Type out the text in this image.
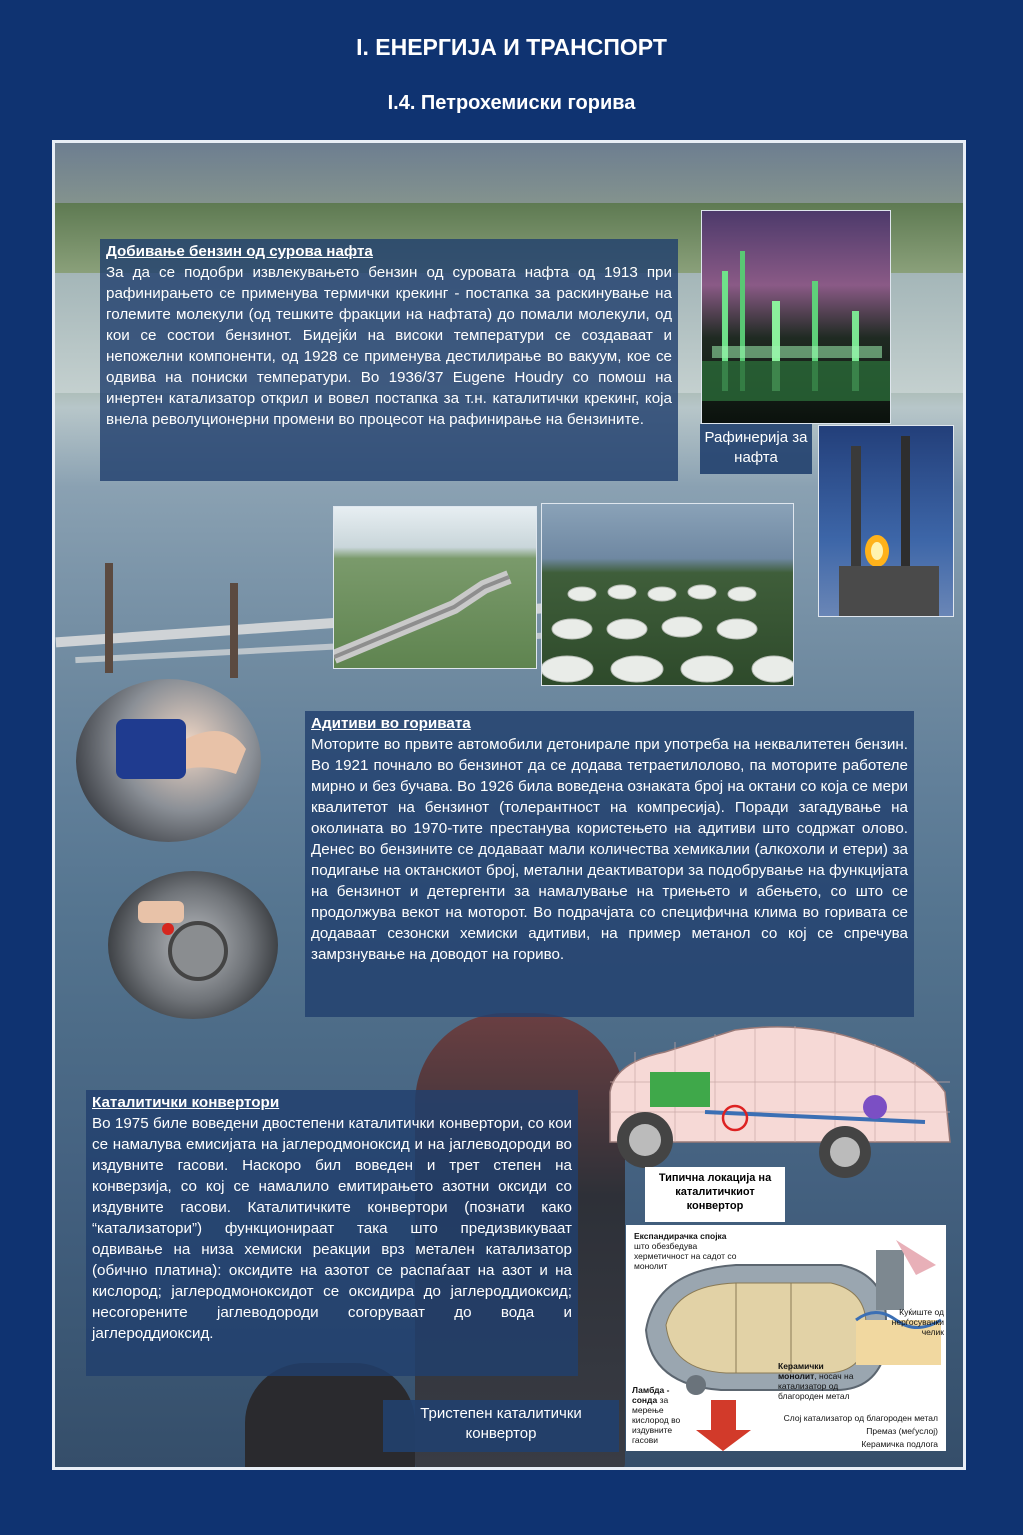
I. ЕНЕРГИЈА И ТРАНСПОРТ
I.4. Петрохемиски горива
Рафинерија за нафта
Добивање бензин од сурова нафта
За да се подобри извлекувањето бензин од суровата нафта од 1913 при рафинирањето се применува термички крекинг - постапка за раскинување на големите молекули (од тешките фракции на нафтата) до помали молекули, од кои се состои бензинот. Бидејќи на високи температури се создаваат и непожелни компоненти, од 1928 се применува дестилирање во вакуум, кое се одвива на пониски температури. Во 1936/37 Eugene Houdry со помош на инертен катализатор открил и вовел постапка за т.н. каталитички крекинг, која внела револуционерни промени во процесот на рафинирање на бензините.
Адитиви во горивата
Моторите во првите автомобили детонирале при употреба на неквалитетен бензин. Во 1921 почнало во бензинот да се додава тетраетилолово, па моторите работеле мирно и без бучава. Во 1926 била воведена ознаката број на октани со која се мери квалитетот на бензинот (толерантност на компресија). Поради загадување на околината во 1970-тите престанува користењето на адитиви што содржат олово. Денес во бензините се додаваат мали количества хемикалии (алкохоли и етери) за подигање на октанскиот број, метални деактиватори за подобрување на функцијата на бензинот и детергенти за намалување на триењето и абењето, со што се продолжува векот на моторот. Во подрачјата со специфична клима во горивата се додаваат сезонски хемиски адитиви, на пример метанол со кој се спречува замрзнување на доводот на гориво.
Типична локација на каталитичкиот конвертор
Експандирачка спојка
што обезбедува херметичност на садот со монолит
Куќиште од нерѓосувачки челик
Керамички монолит, носач на катализатор од благороден метал
Ламбда - сонда за мерење кислород во издувните гасови
Слој катализатор од благороден метал
Премаз (меѓуслој)
Керамичка подлога
Каталитички конвертори
Во 1975 биле воведени двостепени каталитички конвертори, со кои се намалува емисијата на јаглеродмоноксид и на јаглеводороди во издувните гасови. Наскоро бил воведен и трет степен на конверзија, со кој се намалило емитирањето азотни оксиди со издувните гасови. Каталитичките конвертори (познати како “катализатори”) функционираат така што предизвикуваат одвивање на низа хемиски реакции врз метален катализатор (обично платина): оксидите на азотот се распаѓаат на азот и на кислород; јаглеродмоноксидот се оксидира до јаглероддиоксид; несогорените јаглеводороди согоруваат до вода и јаглероддиоксид.
Тристепен каталитички конвертор
